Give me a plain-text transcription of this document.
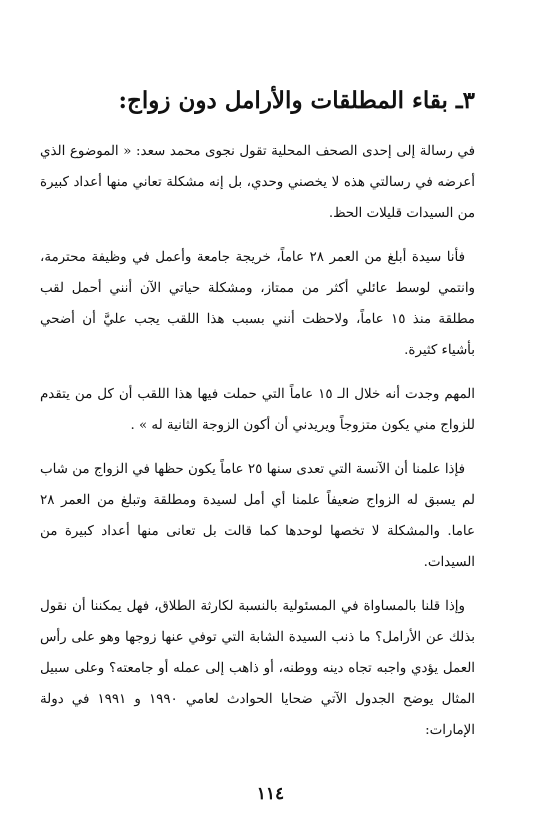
٣ـ بقاء المطلقات والأرامل دون زواج:

في رسالة إلى إحدى الصحف المحلية تقول نجوى محمد سعد: « الموضوع الذي أعرضه في رسالتي هذه لا يخصني وحدي، بل إنه مشكلة تعاني منها أعداد كبيرة من السيدات قليلات الحظ.

فأنا سيدة أبلغ من العمر ٢٨ عاماً، خريجة جامعة وأعمل في وظيفة محترمة، وانتمي لوسط عائلي أكثر من ممتاز، ومشكلة حياتي الآن أنني أحمل لقب مطلقة منذ ١٥ عاماً، ولاحظت أنني بسبب هذا اللقب يجب عليَّ أن أضحي بأشياء كثيرة.

المهم وجدت أنه خلال الـ ١٥ عاماً التي حملت فيها هذا اللقب أن كل من يتقدم للزواج مني يكون متزوجاً ويريدني أن أكون الزوجة الثانية له » .

فإذا علمنا أن الآنسة التي تعدى سنها ٢٥ عاماً يكون حظها في الزواج من شاب لم يسبق له الزواج ضعيفاً علمنا أي أمل لسيدة ومطلقة وتبلغ من العمر ٢٨ عاما. والمشكلة لا تخصها لوحدها كما قالت بل تعانى منها أعداد كبيرة من السيدات.

وإذا قلنا بالمساواة في المسئولية بالنسبة لكارثة الطلاق، فهل يمكننا أن نقول بذلك عن الأرامل؟ ما ذنب السيدة الشابة التي توفي عنها زوجها وهو على رأس العمل يؤدي واجبه تجاه دينه ووطنه، أو ذاهب إلى عمله أو جامعته؟ وعلى سبيل المثال يوضح الجدول الآتي ضحايا الحوادث لعامي ١٩٩٠ و ١٩٩١ في دولة الإمارات:

١١٤
